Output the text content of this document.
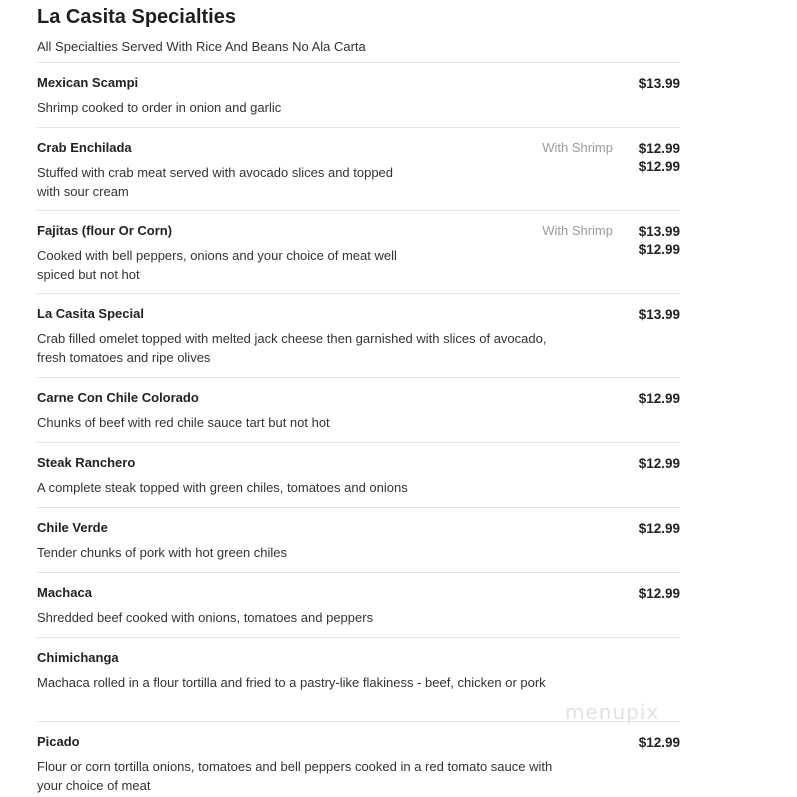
La Casita Specialties
All Specialties Served With Rice And Beans No Ala Carta
Mexican Scampi
Shrimp cooked to order in onion and garlic
$13.99
Crab Enchilada	With Shrimp
Stuffed with crab meat served with avocado slices and topped with sour cream
$12.99
$12.99
Fajitas (flour Or Corn)	With Shrimp
Cooked with bell peppers, onions and your choice of meat well spiced but not hot
$13.99
$12.99
La Casita Special
Crab filled omelet topped with melted jack cheese then garnished with slices of avocado, fresh tomatoes and ripe olives
$13.99
Carne Con Chile Colorado
Chunks of beef with red chile sauce tart but not hot
$12.99
Steak Ranchero
A complete steak topped with green chiles, tomatoes and onions
$12.99
Chile Verde
Tender chunks of pork with hot green chiles
$12.99
Machaca
Shredded beef cooked with onions, tomatoes and peppers
$12.99
Chimichanga
Machaca rolled in a flour tortilla and fried to a pastry-like flakiness - beef, chicken or pork
Picado
Flour or corn tortilla onions, tomatoes and bell peppers cooked in a red tomato sauce with your choice of meat
$12.99
menupix
